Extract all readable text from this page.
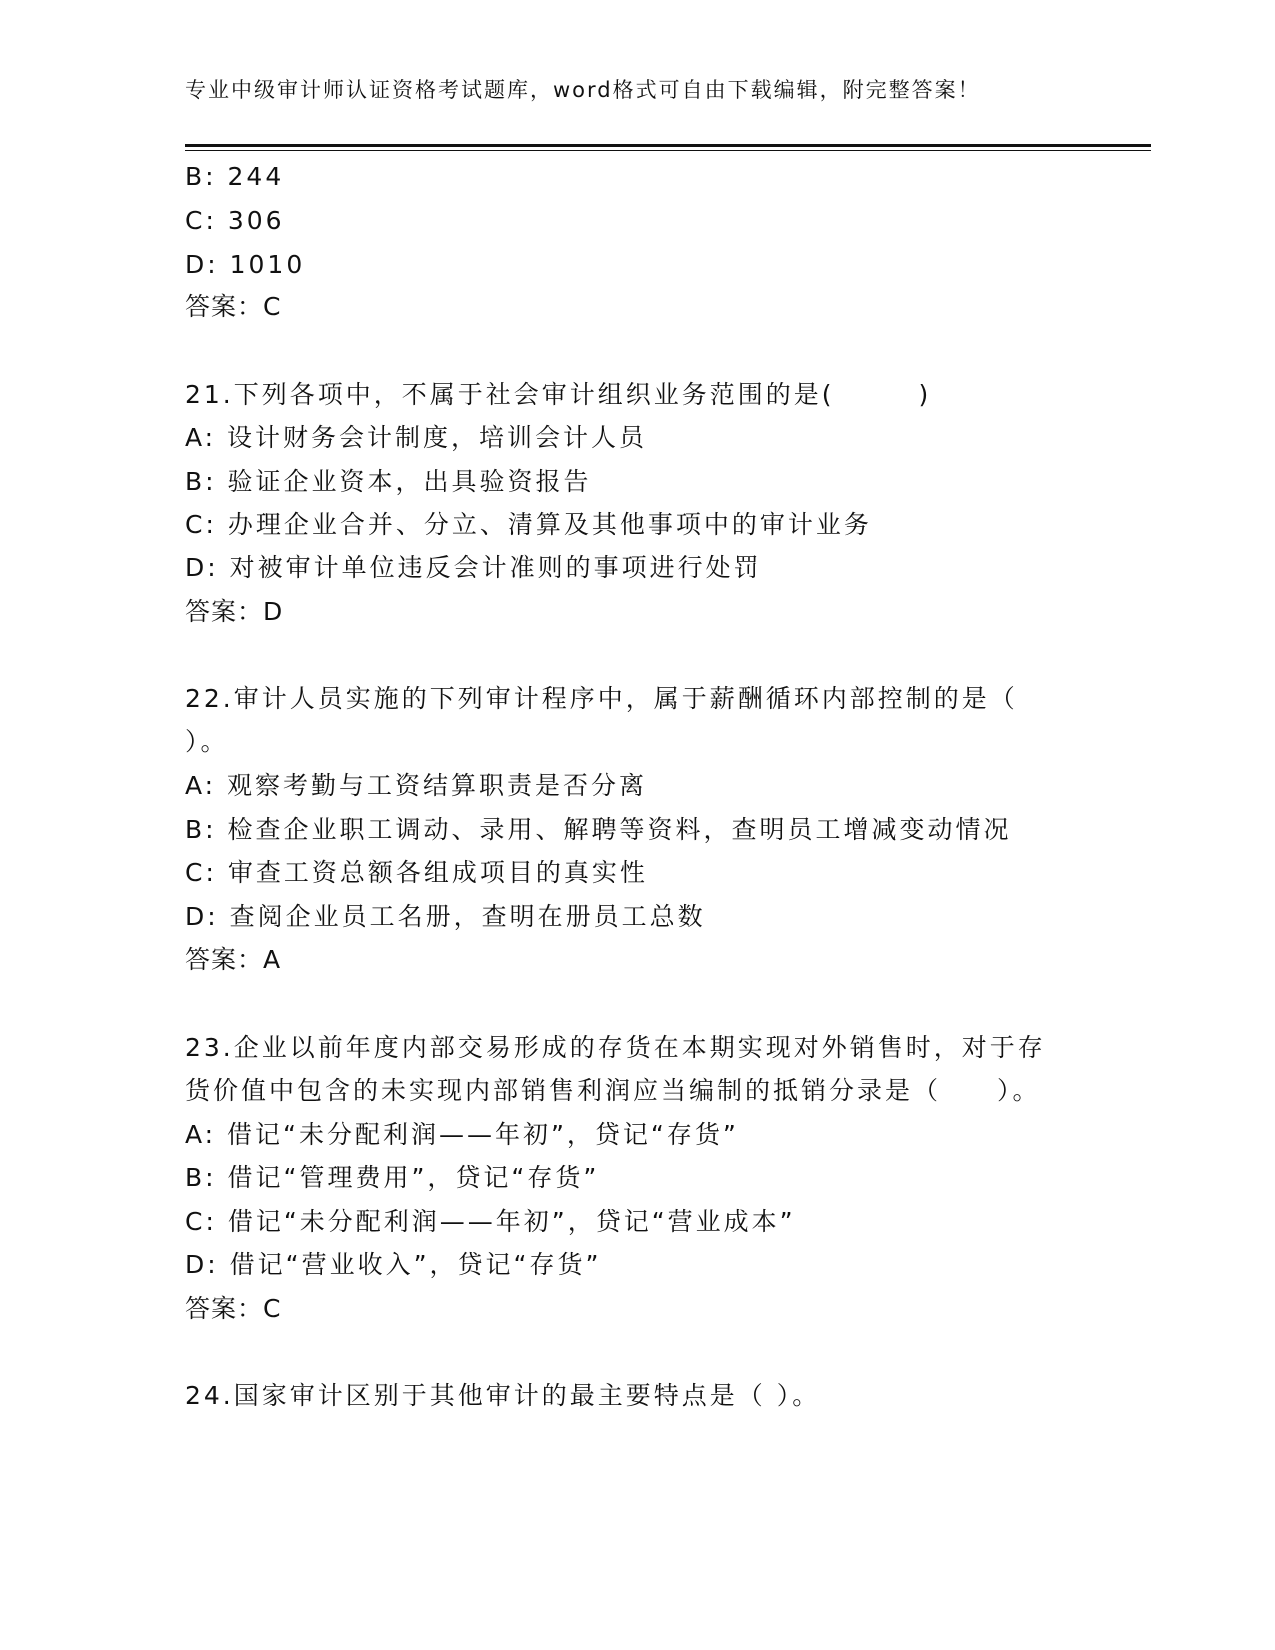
专业中级审计师认证资格考试题库，word格式可自由下载编辑，附完整答案！
B: 244
C: 306
D: 1010
答案：C
21.下列各项中，不属于社会审计组织业务范围的是(　　　)
A: 设计财务会计制度，培训会计人员
B: 验证企业资本，出具验资报告
C: 办理企业合并、分立、清算及其他事项中的审计业务
D: 对被审计单位违反会计准则的事项进行处罚
答案：D
22.审计人员实施的下列审计程序中，属于薪酬循环内部控制的是（
）。
A: 观察考勤与工资结算职责是否分离
B: 检查企业职工调动、录用、解聘等资料，查明员工增减变动情况
C: 审查工资总额各组成项目的真实性
D: 查阅企业员工名册，查明在册员工总数
答案：A
23.企业以前年度内部交易形成的存货在本期实现对外销售时，对于存
货价值中包含的未实现内部销售利润应当编制的抵销分录是（　　）。
A: 借记“未分配利润——年初”，贷记“存货”
B: 借记“管理费用”，贷记“存货”
C: 借记“未分配利润——年初”，贷记“营业成本”
D: 借记“营业收入”，贷记“存货”
答案：C
24.国家审计区别于其他审计的最主要特点是（ ）。
